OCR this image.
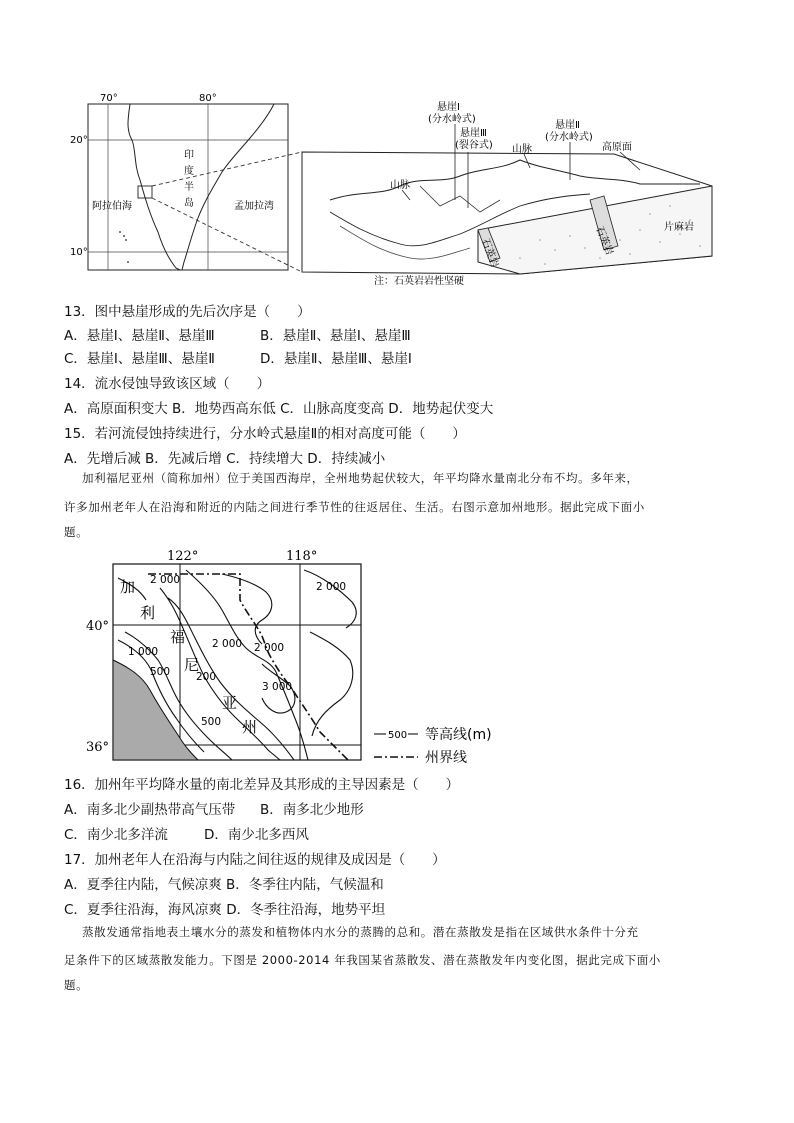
70°	80°
20°
10°
印
度
半
岛
阿拉伯海	孟加拉湾
悬崖Ⅰ
(分水岭式)
悬崖Ⅲ
(裂谷式)
悬崖Ⅱ
(分水岭式)
山脉	高原面
山脉
石英岩	石英岩	片麻岩
注：石英岩岩性坚硬
13．图中悬崖形成的先后次序是（　　）
A．悬崖Ⅰ、悬崖Ⅱ、悬崖Ⅲ	B．悬崖Ⅱ、悬崖Ⅰ、悬崖Ⅲ
C．悬崖Ⅰ、悬崖Ⅲ、悬崖Ⅱ	D．悬崖Ⅱ、悬崖Ⅲ、悬崖Ⅰ
14．流水侵蚀导致该区域（　　）
A．高原面积变大 B．地势西高东低 C．山脉高度变高 D．地势起伏变大
15．若河流侵蚀持续进行，分水岭式悬崖Ⅱ的相对高度可能（　　）
A．先增后减 B．先减后增 C．持续增大 D．持续减小
加利福尼亚州（简称加州）位于美国西海岸，全州地势起伏较大，年平均降水量南北分布不均。多年来，
许多加州老年人在沿海和附近的内陆之间进行季节性的往返居住、生活。右图示意加州地形。据此完成下面小
题。
122°	118°
40°
36°
2 000
2 000
2 000 2 000
1 000
500 200
500
3 000
加
利
福
尼
亚
州	500 等高线(m)
州界线
16．加州年平均降水量的南北差异及其形成的主导因素是（　　）
A．南多北少副热带高气压带 B．南多北少地形
C．南少北多洋流	D．南少北多西风
17．加州老年人在沿海与内陆之间往返的规律及成因是（　　）
A．夏季往内陆，气候凉爽 B．冬季往内陆，气候温和
C．夏季往沿海，海风凉爽 D．冬季往沿海，地势平坦
蒸散发通常指地表土壤水分的蒸发和植物体内水分的蒸腾的总和。潜在蒸散发是指在区域供水条件十分充
足条件下的区域蒸散发能力。下图是 2000-2014 年我国某省蒸散发、潜在蒸散发年内变化图，据此完成下面小
题。
